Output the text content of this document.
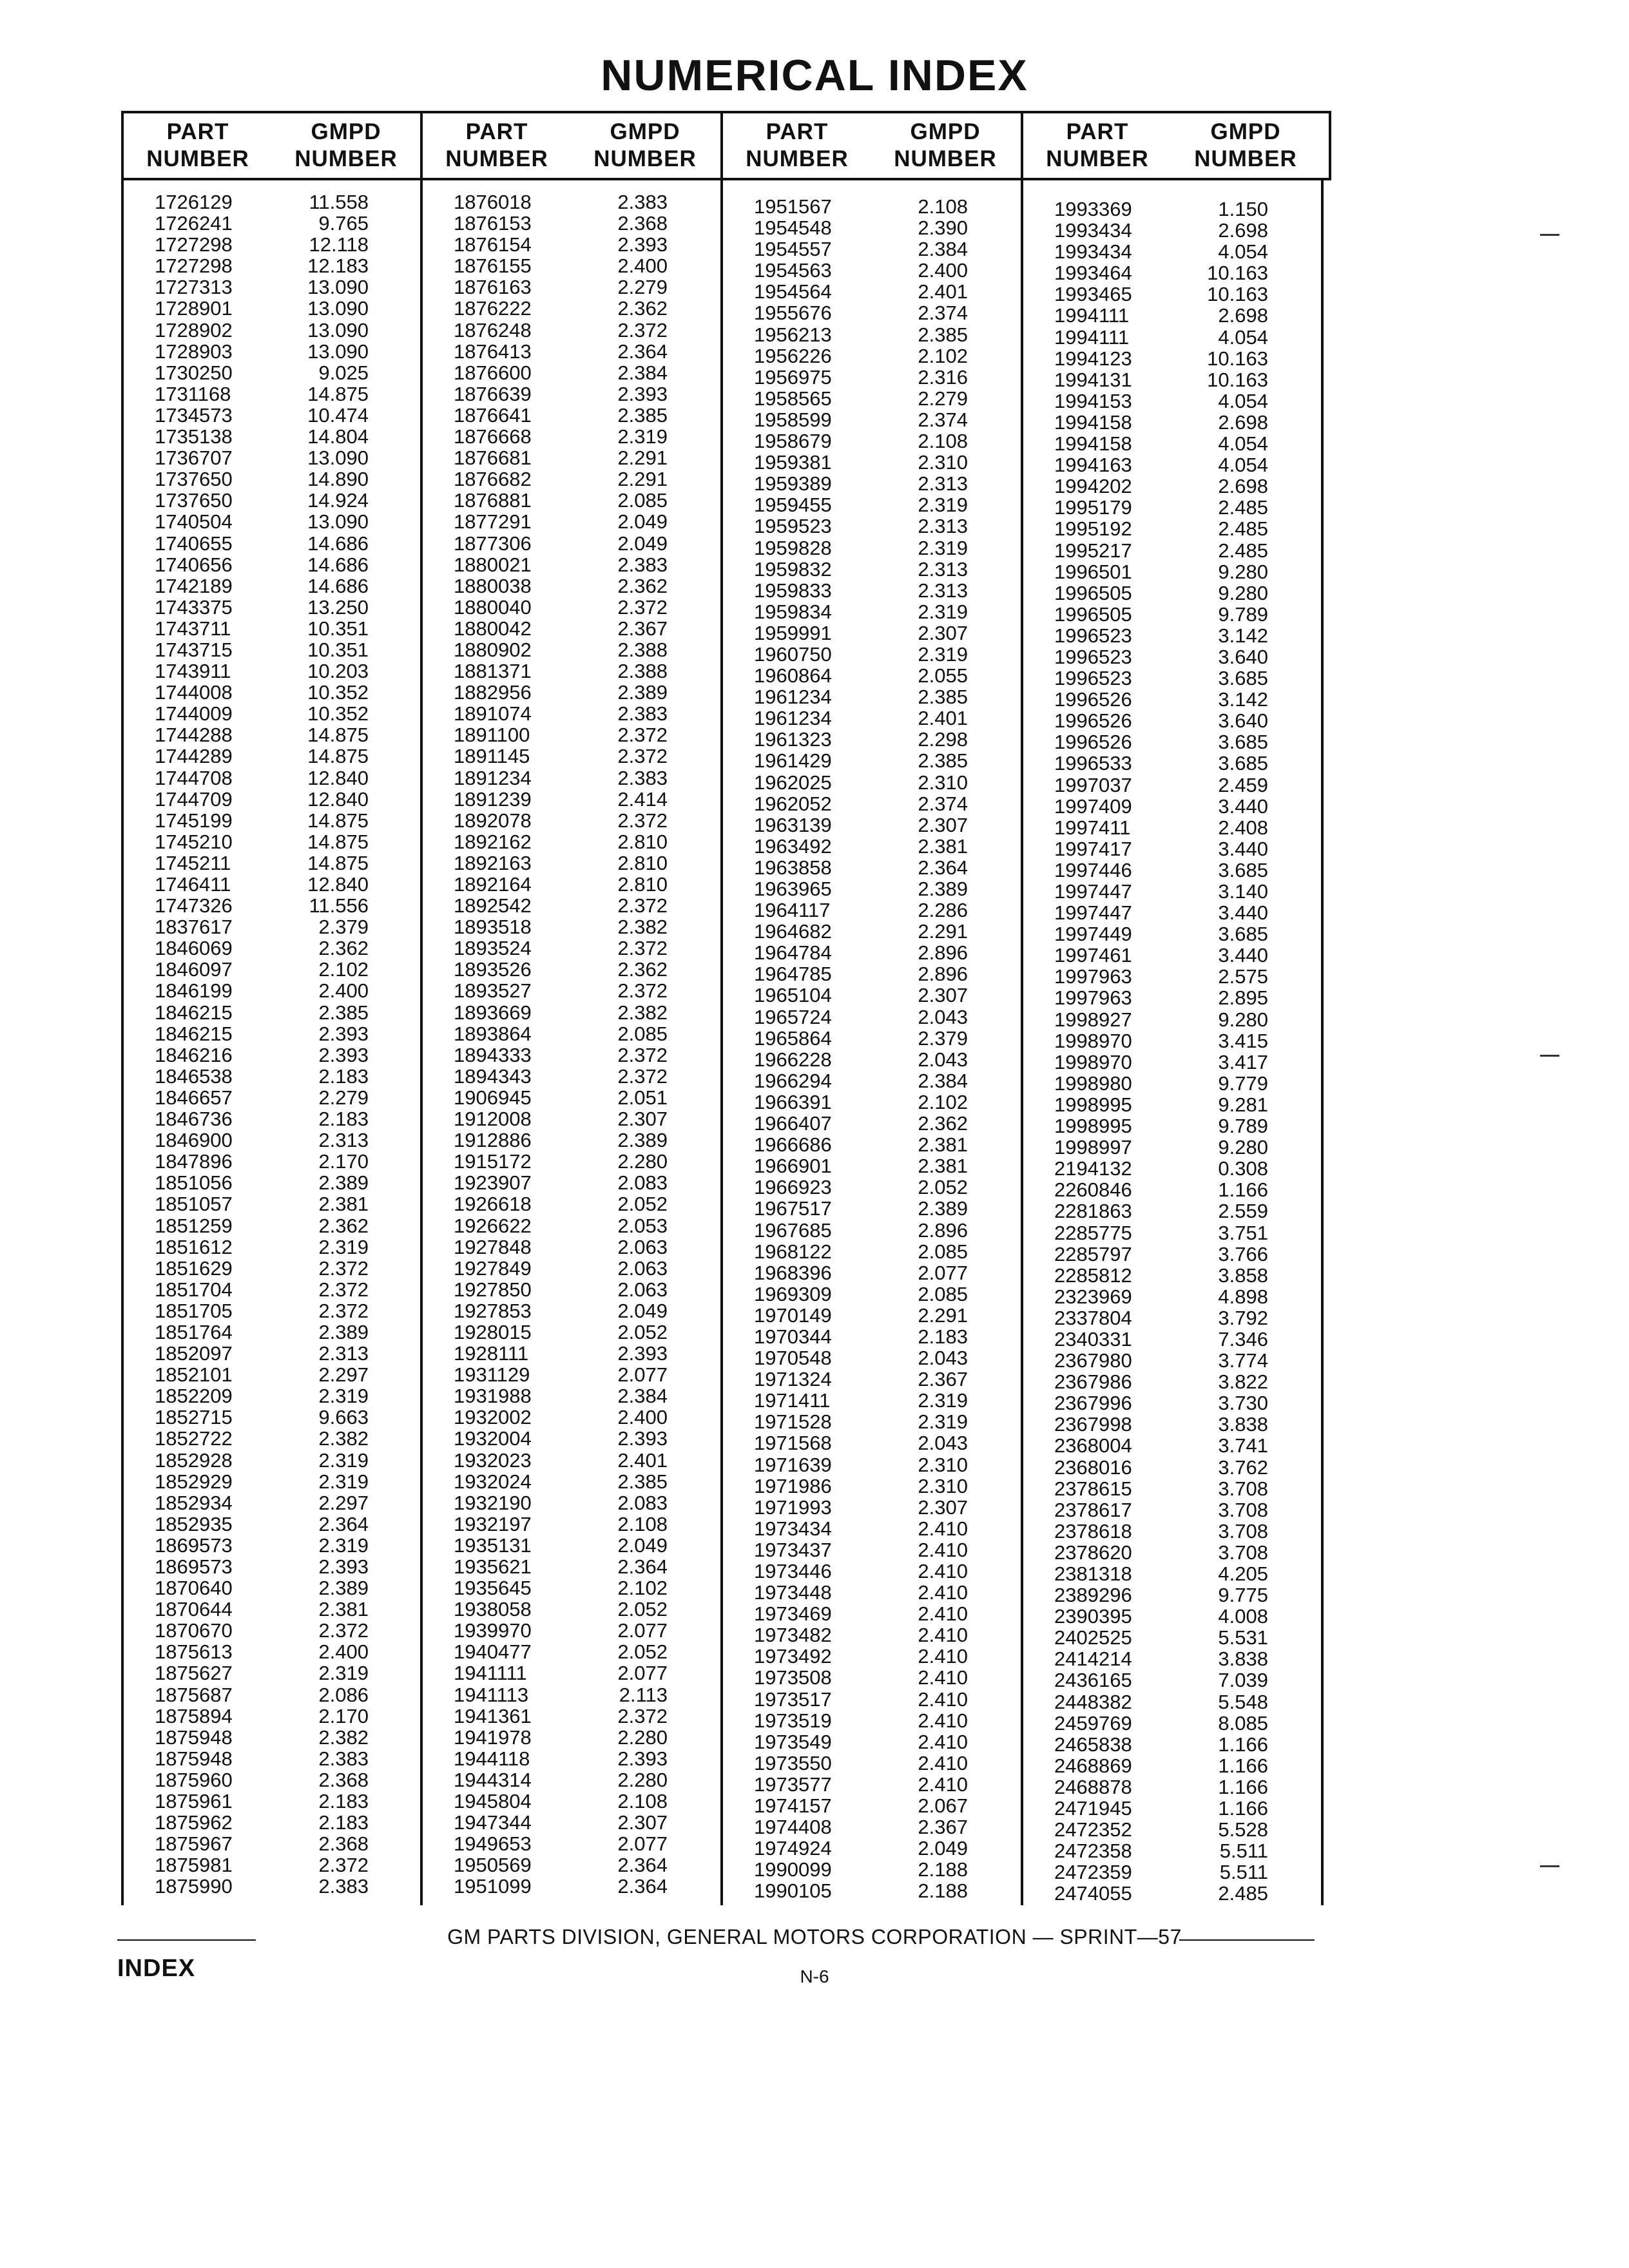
NUMERICAL INDEX
PART
NUMBER
GMPD
NUMBER
1726129	11.558
1726241	9.765
1727298	12.118
1727298	12.183
1727313	13.090
1728901	13.090
1728902	13.090
1728903	13.090
1730250	9.025
1731168	14.875
1734573	10.474
1735138	14.804
1736707	13.090
1737650	14.890
1737650	14.924
1740504	13.090
1740655	14.686
1740656	14.686
1742189	14.686
1743375	13.250
1743711	10.351
1743715	10.351
1743911	10.203
1744008	10.352
1744009	10.352
1744288	14.875
1744289	14.875
1744708	12.840
1744709	12.840
1745199	14.875
1745210	14.875
1745211	14.875
1746411	12.840
1747326	11.556
1837617	2.379
1846069	2.362
1846097	2.102
1846199	2.400
1846215	2.385
1846215	2.393
1846216	2.393
1846538	2.183
1846657	2.279
1846736	2.183
1846900	2.313
1847896	2.170
1851056	2.389
1851057	2.381
1851259	2.362
1851612	2.319
1851629	2.372
1851704	2.372
1851705	2.372
1851764	2.389
1852097	2.313
1852101	2.297
1852209	2.319
1852715	9.663
1852722	2.382
1852928	2.319
1852929	2.319
1852934	2.297
1852935	2.364
1869573	2.319
1869573	2.393
1870640	2.389
1870644	2.381
1870670	2.372
1875613	2.400
1875627	2.319
1875687	2.086
1875894	2.170
1875948	2.382
1875948	2.383
1875960	2.368
1875961	2.183
1875962	2.183
1875967	2.368
1875981	2.372
1875990	2.383
PART
NUMBER
GMPD
NUMBER
1876018	2.383
1876153	2.368
1876154	2.393
1876155	2.400
1876163	2.279
1876222	2.362
1876248	2.372
1876413	2.364
1876600	2.384
1876639	2.393
1876641	2.385
1876668	2.319
1876681	2.291
1876682	2.291
1876881	2.085
1877291	2.049
1877306	2.049
1880021	2.383
1880038	2.362
1880040	2.372
1880042	2.367
1880902	2.388
1881371	2.388
1882956	2.389
1891074	2.383
1891100	2.372
1891145	2.372
1891234	2.383
1891239	2.414
1892078	2.372
1892162	2.810
1892163	2.810
1892164	2.810
1892542	2.372
1893518	2.382
1893524	2.372
1893526	2.362
1893527	2.372
1893669	2.382
1893864	2.085
1894333	2.372
1894343	2.372
1906945	2.051
1912008	2.307
1912886	2.389
1915172	2.280
1923907	2.083
1926618	2.052
1926622	2.053
1927848	2.063
1927849	2.063
1927850	2.063
1927853	2.049
1928015	2.052
1928111	2.393
1931129	2.077
1931988	2.384
1932002	2.400
1932004	2.393
1932023	2.401
1932024	2.385
1932190	2.083
1932197	2.108
1935131	2.049
1935621	2.364
1935645	2.102
1938058	2.052
1939970	2.077
1940477	2.052
1941111	2.077
1941113	2.113
1941361	2.372
1941978	2.280
1944118	2.393
1944314	2.280
1945804	2.108
1947344	2.307
1949653	2.077
1950569	2.364
1951099	2.364
PART
NUMBER
GMPD
NUMBER
1951567	2.108
1954548	2.390
1954557	2.384
1954563	2.400
1954564	2.401
1955676	2.374
1956213	2.385
1956226	2.102
1956975	2.316
1958565	2.279
1958599	2.374
1958679	2.108
1959381	2.310
1959389	2.313
1959455	2.319
1959523	2.313
1959828	2.319
1959832	2.313
1959833	2.313
1959834	2.319
1959991	2.307
1960750	2.319
1960864	2.055
1961234	2.385
1961234	2.401
1961323	2.298
1961429	2.385
1962025	2.310
1962052	2.374
1963139	2.307
1963492	2.381
1963858	2.364
1963965	2.389
1964117	2.286
1964682	2.291
1964784	2.896
1964785	2.896
1965104	2.307
1965724	2.043
1965864	2.379
1966228	2.043
1966294	2.384
1966391	2.102
1966407	2.362
1966686	2.381
1966901	2.381
1966923	2.052
1967517	2.389
1967685	2.896
1968122	2.085
1968396	2.077
1969309	2.085
1970149	2.291
1970344	2.183
1970548	2.043
1971324	2.367
1971411	2.319
1971528	2.319
1971568	2.043
1971639	2.310
1971986	2.310
1971993	2.307
1973434	2.410
1973437	2.410
1973446	2.410
1973448	2.410
1973469	2.410
1973482	2.410
1973492	2.410
1973508	2.410
1973517	2.410
1973519	2.410
1973549	2.410
1973550	2.410
1973577	2.410
1974157	2.067
1974408	2.367
1974924	2.049
1990099	2.188
1990105	2.188
PART
NUMBER
GMPD
NUMBER
1993369	1.150
1993434	2.698
1993434	4.054
1993464	10.163
1993465	10.163
1994111	2.698
1994111	4.054
1994123	10.163
1994131	10.163
1994153	4.054
1994158	2.698
1994158	4.054
1994163	4.054
1994202	2.698
1995179	2.485
1995192	2.485
1995217	2.485
1996501	9.280
1996505	9.280
1996505	9.789
1996523	3.142
1996523	3.640
1996523	3.685
1996526	3.142
1996526	3.640
1996526	3.685
1996533	3.685
1997037	2.459
1997409	3.440
1997411	2.408
1997417	3.440
1997446	3.685
1997447	3.140
1997447	3.440
1997449	3.685
1997461	3.440
1997963	2.575
1997963	2.895
1998927	9.280
1998970	3.415
1998970	3.417
1998980	9.779
1998995	9.281
1998995	9.789
1998997	9.280
2194132	0.308
2260846	1.166
2281863	2.559
2285775	3.751
2285797	3.766
2285812	3.858
2323969	4.898
2337804	3.792
2340331	7.346
2367980	3.774
2367986	3.822
2367996	3.730
2367998	3.838
2368004	3.741
2368016	3.762
2378615	3.708
2378617	3.708
2378618	3.708
2378620	3.708
2381318	4.205
2389296	9.775
2390395	4.008
2402525	5.531
2414214	3.838
2436165	7.039
2448382	5.548
2459769	8.085
2465838	1.166
2468869	1.166
2468878	1.166
2471945	1.166
2472352	5.528
2472358	5.511
2472359	5.511
2474055	2.485
GM PARTS DIVISION, GENERAL MOTORS CORPORATION — SPRINT—57
INDEX	N-6
